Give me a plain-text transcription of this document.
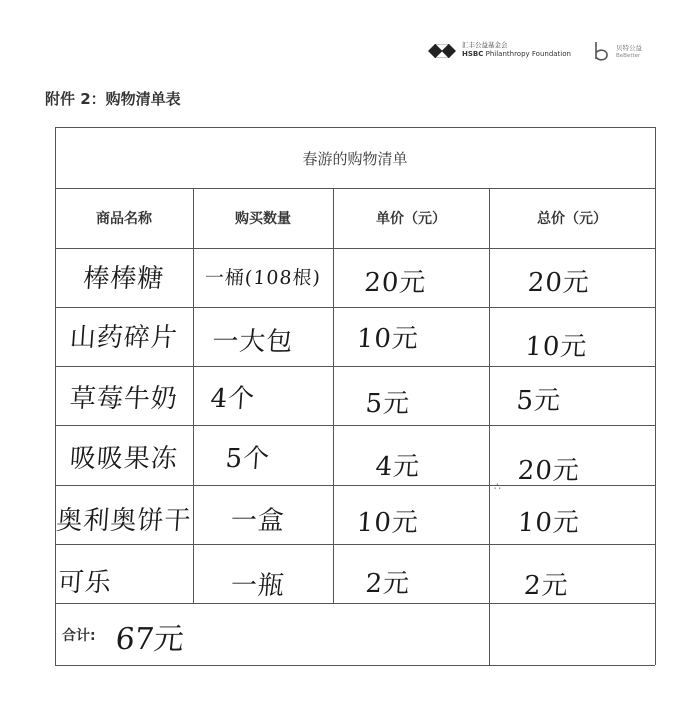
汇丰公益基金会
HSBC Philanthropy Foundation
贝特公益
BeBetter
附件 2：购物清单表
春游的购物清单
商品名称	购买数量	单价（元）	总价（元）
棒棒糖	一桶(108根)	20元	20元
山药碎片	一大包	10元	10元
草莓牛奶	4个	5元	5元
吸吸果冻	5个	4元	20元
奥利奥饼干	一盒	10元	10元
∴
可乐	一瓶	2元	2元
合计: 67元
